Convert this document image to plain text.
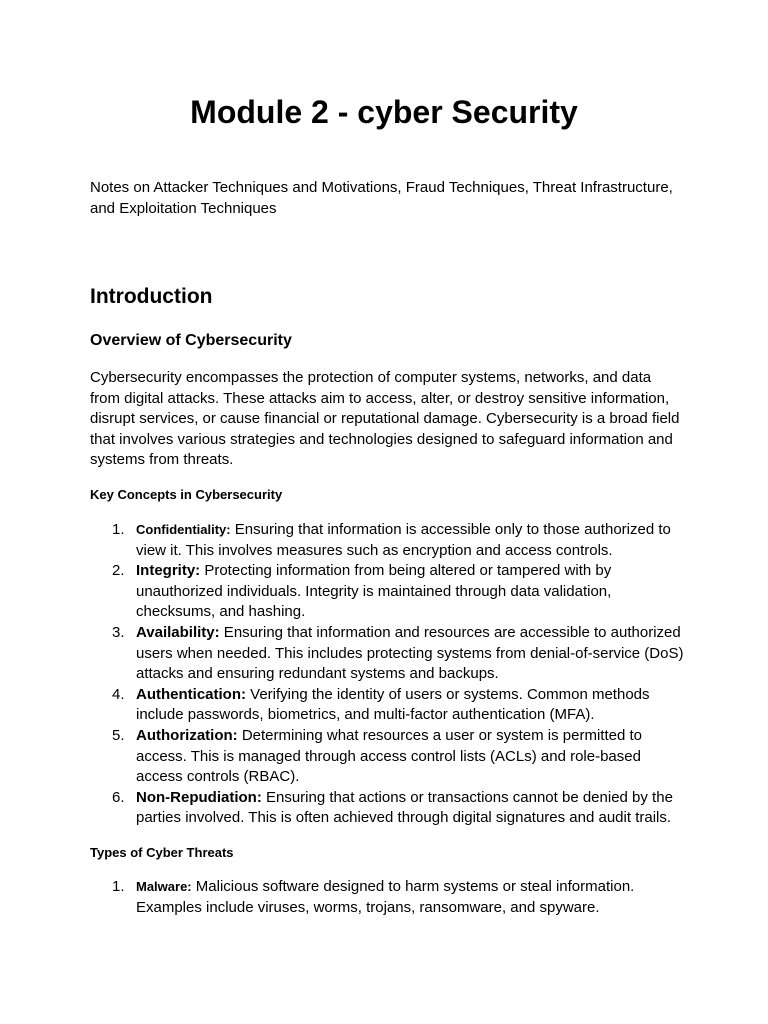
Module 2 - cyber Security

Notes on Attacker Techniques and Motivations, Fraud Techniques, Threat Infrastructure, and Exploitation Techniques

Introduction
Overview of Cybersecurity

Cybersecurity encompasses the protection of computer systems, networks, and data from digital attacks. These attacks aim to access, alter, or destroy sensitive information, disrupt services, or cause financial or reputational damage. Cybersecurity is a broad field that involves various strategies and technologies designed to safeguard information and systems from threats.

Key Concepts in Cybersecurity
1. Confidentiality: Ensuring that information is accessible only to those authorized to view it. This involves measures such as encryption and access controls.
2. Integrity: Protecting information from being altered or tampered with by unauthorized individuals. Integrity is maintained through data validation, checksums, and hashing.
3. Availability: Ensuring that information and resources are accessible to authorized users when needed. This includes protecting systems from denial-of-service (DoS) attacks and ensuring redundant systems and backups.
4. Authentication: Verifying the identity of users or systems. Common methods include passwords, biometrics, and multi-factor authentication (MFA).
5. Authorization: Determining what resources a user or system is permitted to access. This is managed through access control lists (ACLs) and role-based access controls (RBAC).
6. Non-Repudiation: Ensuring that actions or transactions cannot be denied by the parties involved. This is often achieved through digital signatures and audit trails.
Types of Cyber Threats
1. Malware: Malicious software designed to harm systems or steal information. Examples include viruses, worms, trojans, ransomware, and spyware.
